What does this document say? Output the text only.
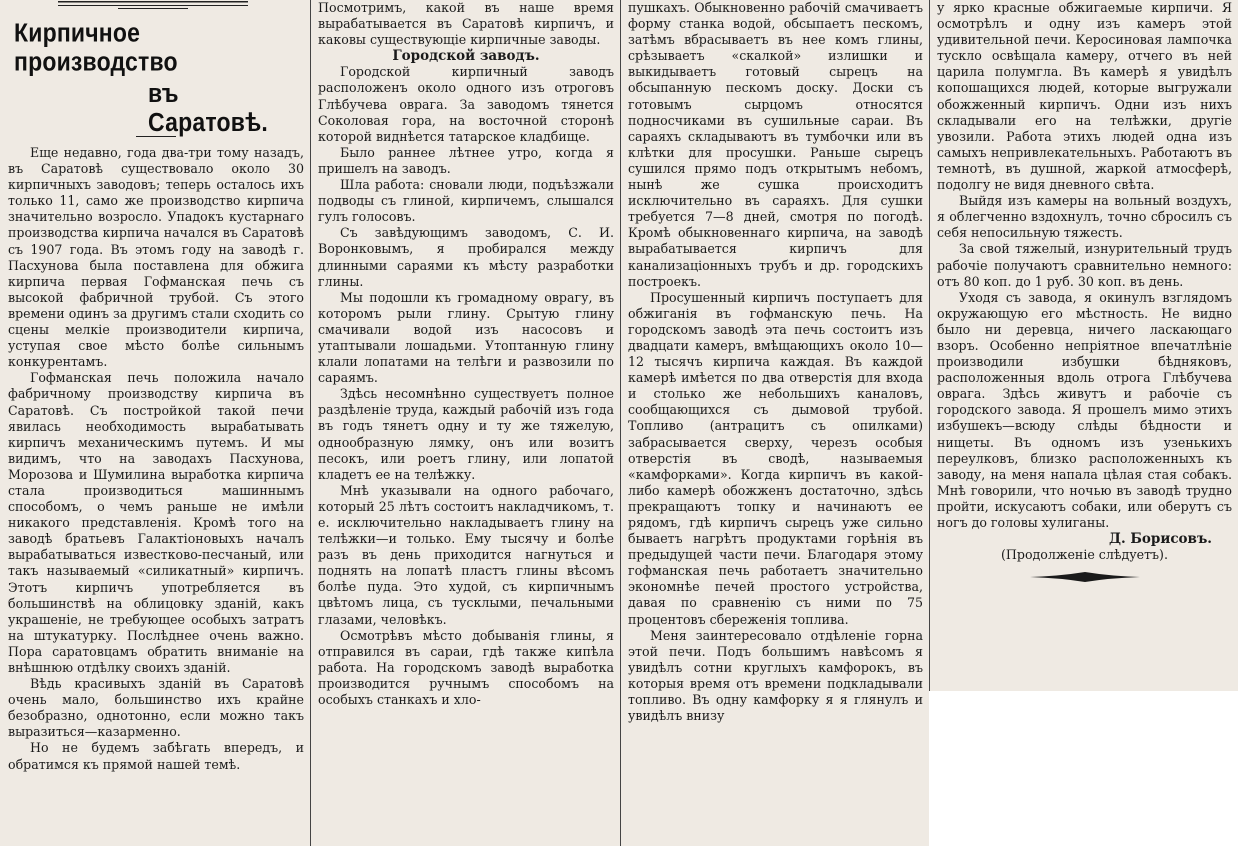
Кирпичное производство
въ Саратовѣ.

Еще недавно, года два-три тому назадъ, въ Саратовѣ существовало около 30 кирпичныхъ заводовъ; теперь осталось ихъ только 11, само же производство кирпича значительно возросло. Упадокъ кустарнаго производства кирпича начался въ Саратовѣ съ 1907 года. Въ этомъ году на заводѣ г. Пасхунова была поставлена для обжига кирпича первая Гофманская печь съ высокой фабричной трубой. Съ этого времени одинъ за другимъ стали сходить со сцены мелкіе производители кирпича, уступая свое мѣсто болѣе сильнымъ конкурентамъ.

Гофманская печь положила начало фабричному производству кирпича въ Саратовѣ. Съ постройкой такой печи явилась необходимость вырабатывать кирпичъ механическимъ путемъ. И мы видимъ, что на заводахъ Пасхунова, Морозова и Шумилина выработка кирпича стала производиться машиннымъ способомъ, о чемъ раньше не имѣли никакого представленія. Кромѣ того на заводѣ братьевъ Галактіоновыхъ началъ вырабатываться известково-песчаный, или такъ называемый «силикатный» кирпичъ. Этотъ кирпичъ употребляется въ большинствѣ на облицовку зданій, какъ украшеніе, не требующее особыхъ затратъ на штукатурку. Послѣднее очень важно. Пора саратовцамъ обратить вниманіе на внѣшнюю отдѣлку своихъ зданій.

Вѣдь красивыхъ зданій въ Саратовѣ очень мало, большинство ихъ крайне безобразно, однотонно, если можно такъ выразиться—казарменно.

Но не будемъ забѣгать впередъ, и обратимся къ прямой нашей темѣ.

Посмотримъ, какой въ наше время вырабатывается въ Саратовѣ кирпичъ, и каковы существующіе кирпичные заводы.

Городской заводъ.

Городской кирпичный заводъ расположенъ около одного изъ отроговъ Глѣбучева оврага. За заводомъ тянется Соколовая гора, на восточной сторонѣ которой виднѣется татарское кладбище.

Было раннее лѣтнее утро, когда я пришелъ на заводъ.

Шла работа: сновали люди, подъѣзжали подводы съ глиной, кирпичемъ, слышался гулъ голосовъ.

Съ завѣдующимъ заводомъ, С. И. Воронковымъ, я пробирался между длинными сараями къ мѣсту разработки глины.

Мы подошли къ громадному оврагу, въ которомъ рыли глину. Срытую глину смачивали водой изъ насосовъ и утаптывали лошадьми. Утоптанную глину клали лопатами на телѣги и развозили по сараямъ.

Здѣсь несомнѣнно существуетъ полное раздѣленіе труда, каждый рабочій изъ года въ годъ тянетъ одну и ту же тяжелую, однообразную лямку, онъ или возитъ песокъ, или роетъ глину, или лопатой кладетъ ее на телѣжку.

Мнѣ указывали на одного рабочаго, который 25 лѣтъ состоитъ накладчикомъ, т. е. исключительно накладываетъ глину на телѣжки—и только. Ему тысячу и болѣе разъ въ день приходится нагнуться и поднять на лопатѣ пластъ глины вѣсомъ болѣе пуда. Это худой, съ кирпичнымъ цвѣтомъ лица, съ тусклыми, печальными глазами, человѣкъ.

Осмотрѣвъ мѣсто добыванія глины, я отправился въ сараи, гдѣ также кипѣла работа. На городскомъ заводѣ выработка производится ручнымъ способомъ на особыхъ станкахъ и хло-

пушкахъ. Обыкновенно рабочій смачиваетъ форму станка водой, обсыпаетъ пескомъ, затѣмъ вбрасываетъ въ нее комъ глины, срѣзываетъ «скалкой» излишки и выкидываетъ готовый сырецъ на обсыпанную пескомъ доску. Доски съ готовымъ сырцомъ относятся подносчиками въ сушильные сараи. Въ сараяхъ складываютъ въ тумбочки или въ клѣтки для просушки. Раньше сырецъ сушился прямо подъ открытымъ небомъ, нынѣ же сушка происходитъ исключительно въ сараяхъ. Для сушки требуется 7—8 дней, смотря по погодѣ. Кромѣ обыкновеннаго кирпича, на заводѣ вырабатывается кирпичъ для канализаціонныхъ трубъ и др. городскихъ построекъ.

Просушенный кирпичъ поступаетъ для обжиганія въ гофманскую печь. На городскомъ заводѣ эта печь состоитъ изъ двадцати камеръ, вмѣщающихъ около 10—12 тысячъ кирпича каждая. Въ каждой камерѣ имѣется по два отверстія для входа и столько же небольшихъ каналовъ, сообщающихся съ дымовой трубой. Топливо (антрацитъ съ опилками) забрасывается сверху, черезъ особыя отверстія въ сводѣ, называемыя «камфорками». Когда кирпичъ въ какой-либо камерѣ обожженъ достаточно, здѣсь прекращаютъ топку и начинаютъ ее рядомъ, гдѣ кирпичъ сырецъ уже сильно бываетъ нагрѣтъ продуктами горѣнія въ предыдущей части печи. Благодаря этому гофманская печь работаетъ значительно экономнѣе печей простого устройства, давая по сравненію съ ними по 75 процентовъ сбереженія топлива.

Меня заинтересовало отдѣленіе горна этой печи. Подъ большимъ навѣсомъ я увидѣлъ сотни круглыхъ камфорокъ, въ которыя время отъ времени подкладывали топливо. Въ одну камфорку я я глянулъ и увидѣлъ внизу

у ярко красные обжигаемые кирпичи. Я осмотрѣлъ и одну изъ камеръ этой удивительной печи. Керосиновая лампочка тускло освѣщала камеру, отчего въ ней царила полумгла. Въ камерѣ я увидѣлъ копошащихся людей, которые выгружали обожженный кирпичъ. Одни изъ нихъ складывали его на телѣжки, другіе увозили. Работа этихъ людей одна изъ самыхъ непривлекательныхъ. Работаютъ въ темнотѣ, въ душной, жаркой атмосферѣ, подолгу не видя дневного свѣта.

Выйдя изъ камеры на вольный воздухъ, я облегченно вздохнулъ, точно сбросилъ съ себя непосильную тяжесть.

За свой тяжелый, изнурительный трудъ рабочіе получаютъ сравнительно немного: отъ 80 коп. до 1 руб. 30 коп. въ день.

Уходя съ завода, я окинулъ взглядомъ окружающую его мѣстность. Не видно было ни деревца, ничего ласкающаго взоръ. Особенно непріятное впечатлѣніе производили избушки бѣдняковъ, расположенныя вдоль отрога Глѣбучева оврага. Здѣсь живутъ и рабочіе съ городского завода. Я прошелъ мимо этихъ избушекъ—всюду слѣды бѣдности и нищеты. Въ одномъ изъ узенькихъ переулковъ, близко расположенныхъ къ заводу, на меня напала цѣлая стая собакъ. Мнѣ говорили, что ночью въ заводѣ трудно пройти, искусаютъ собаки, или оберутъ съ ногъ до головы хулиганы.

Д. Борисовъ.

(Продолженіе слѣдуетъ).
